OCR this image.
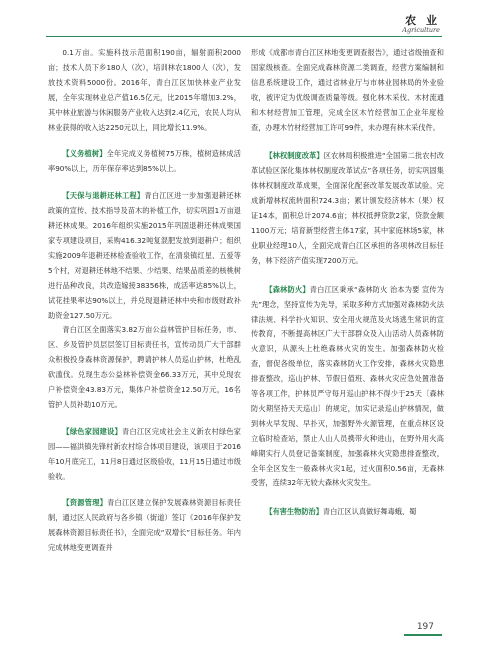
农 业
Agriculture

0.1万亩。实施科技示范面积190亩，辐射面积2000亩；技术人员下乡180人（次），培训林农1800人（次），发放技术资料5000份。2016年，青白江区加快林业产业发展，全年实现林业总产值16.5亿元，比2015年增加3.2%，其中林业旅游与休闲服务产业收入达到2.4亿元，农民人均从林业获得的收入达2250元以上，同比增长11.9%。

【义务植树】全年完成义务植树75万株，植树造林成活率90%以上，历年保存率达到85%以上。

【天保与退耕还林工程】青白江区进一步加强退耕还林政策的宣传、技术指导及苗木的补植工作，切实巩固1万亩退耕还林成果。2016年组织实施2015年巩固退耕还林成果国家专项建设项目，采购416.32吨复混肥发放到退耕户；组织实施2009年退耕还林检查验收工作，在清泉镇红星、五爱等5个村，对退耕还林地不结果、少结果、结果品质差的核桃树进行品种改良，共改造嫁接38356株，成活率达85%以上，试花挂果率达90%以上，并兑现退耕还林中央和市级财政补助资金127.50万元。

青白江区全面落实3.82万亩公益林管护目标任务，市、区、乡及管护员层层签订目标责任书，宣传动员广大干部群众积极投身森林资源保护，聘请护林人员巡山护林，杜绝乱砍滥伐。兑现生态公益林补偿资金66.33万元，其中兑现农户补偿资金43.83万元，集体户补偿资金12.50万元，16名管护人员补助10万元。

【绿色家园建设】青白江区完成社会主义新农村绿色家园——福洪镇先锋村新农村综合体项目建设，该项目于2016年10月底完工，11月8日通过区级验收，11月15日通过市级验收。

【资源管理】青白江区建立保护发展森林资源目标责任制，通过区人民政府与各乡镇（街道）签订《2016年保护发展森林资源目标责任书》，全面完成“双增长”目标任务。年内完成林地变更调查并

形成《成都市青白江区林地变更调查报告》，通过省级抽查和国家级核查。全面完成森林资源二类调查，经营方案编制和信息系统建设工作，通过省林业厅与市林业园林局的外业验收，被评定为优级调查质量等级。强化林木采伐、木材流通和木材经营加工管理，完成全区木竹经营加工企业年度检查，办理木竹材经营加工许可99件，未办理有林木采伐件。

【林权制度改革】区农林局积极推进“全国第二批农村改革试验区深化集体林权制度改革试点”各项任务，切实巩固集体林权制度改革成果，全面深化配套改革发展改革试验。完成新增林权流转面积724.3亩；累计颁发经济林木（果）权证14本，面积总计2074.6亩；林权抵押贷款2家，贷款金额1100万元；培育新型经营主体17家，其中家庭林场5家，林业职业经理10人，全面完成青白江区承担的各项林改目标任务，林下经济产值实现7200万元。

【森林防火】青白江区秉承“森林防火 治本为要 宣传为先”理念，坚持宣传为先导，采取多种方式加强对森林防火法律法规、科学扑火知识、安全用火规范及火场逃生常识的宣传教育，不断提高林区广大干部群众及入山活动人员森林防火意识，从源头上杜绝森林火灾的发生。加强森林防火检查，督促各级单位，落实森林防火工作安排，森林火灾隐患排查整改，巡山护林、节假日值班、森林火灾应急处置准备等各项工作，护林员严守每月巡山护林不得少于25天〔森林防火期坚持天天巡山〕的规定，加实记录巡山护林情况，做到林火早发现、早扑灭，加强野外火源管理，在重点林区设立临时检查站，禁止人山人员携带火种进山，在野外用火高峰期实行人员登记备案制度，加强森林火灾隐患排查整改，全年全区发生一般森林火灾1起，过火面积0.56亩，无森林受害，连续32年无较大森林火灾发生。

【有害生物防治】青白江区认真做好舞毒蛾、蜀

197
